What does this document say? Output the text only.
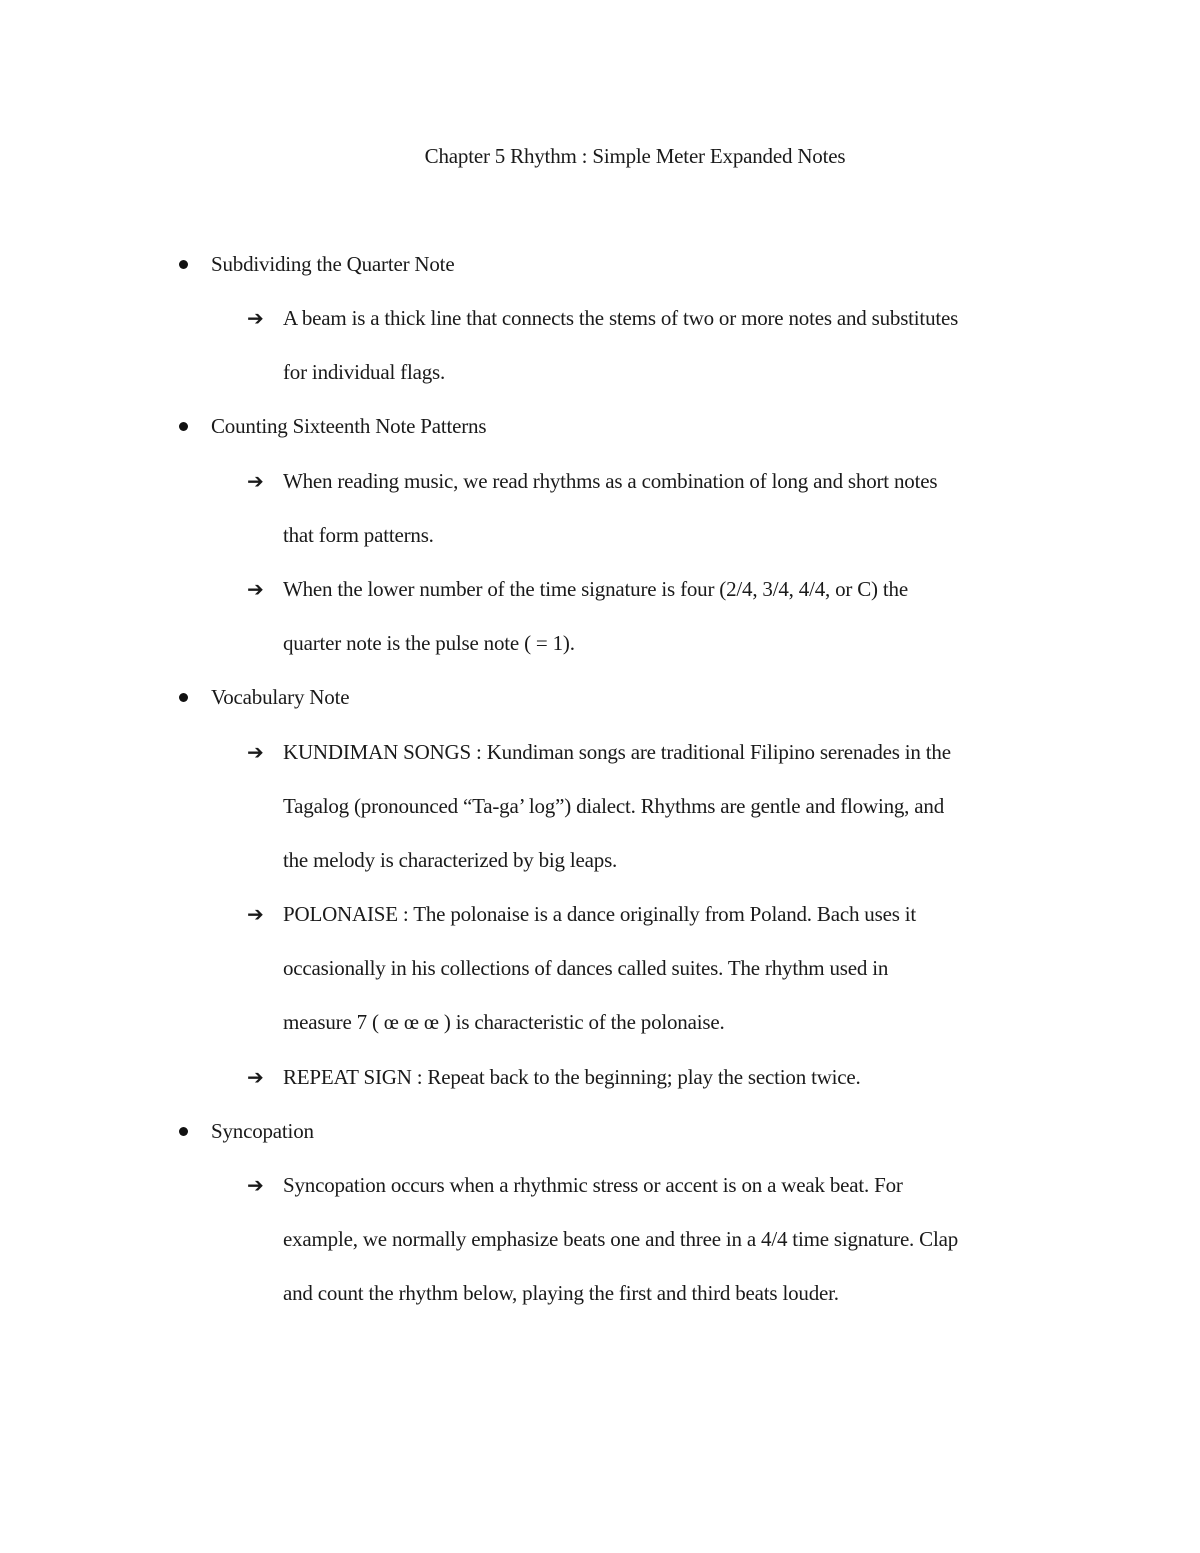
Chapter 5 Rhythm : Simple Meter Expanded Notes
Subdividing the Quarter Note
➔ A beam is a thick line that connects the stems of two or more notes and substitutes
for individual flags.
Counting Sixteenth Note Patterns
➔ When reading music, we read rhythms as a combination of long and short notes
that form patterns.
➔ When the lower number of the time signature is four (2/4, 3/4, 4/4, or C) the
quarter note is the pulse note ( = 1).
Vocabulary Note
➔ KUNDIMAN SONGS : Kundiman songs are traditional Filipino serenades in the
Tagalog (pronounced “Ta-ga’ log”) dialect. Rhythms are gentle and flowing, and
the melody is characterized by big leaps.
➔ POLONAISE : The polonaise is a dance originally from Poland. Bach uses it
occasionally in his collections of dances called suites. The rhythm used in
measure 7 ( œ œ œ ) is characteristic of the polonaise.
➔ REPEAT SIGN : Repeat back to the beginning; play the section twice.
Syncopation
➔ Syncopation occurs when a rhythmic stress or accent is on a weak beat. For
example, we normally emphasize beats one and three in a 4/4 time signature. Clap
and count the rhythm below, playing the first and third beats louder.
